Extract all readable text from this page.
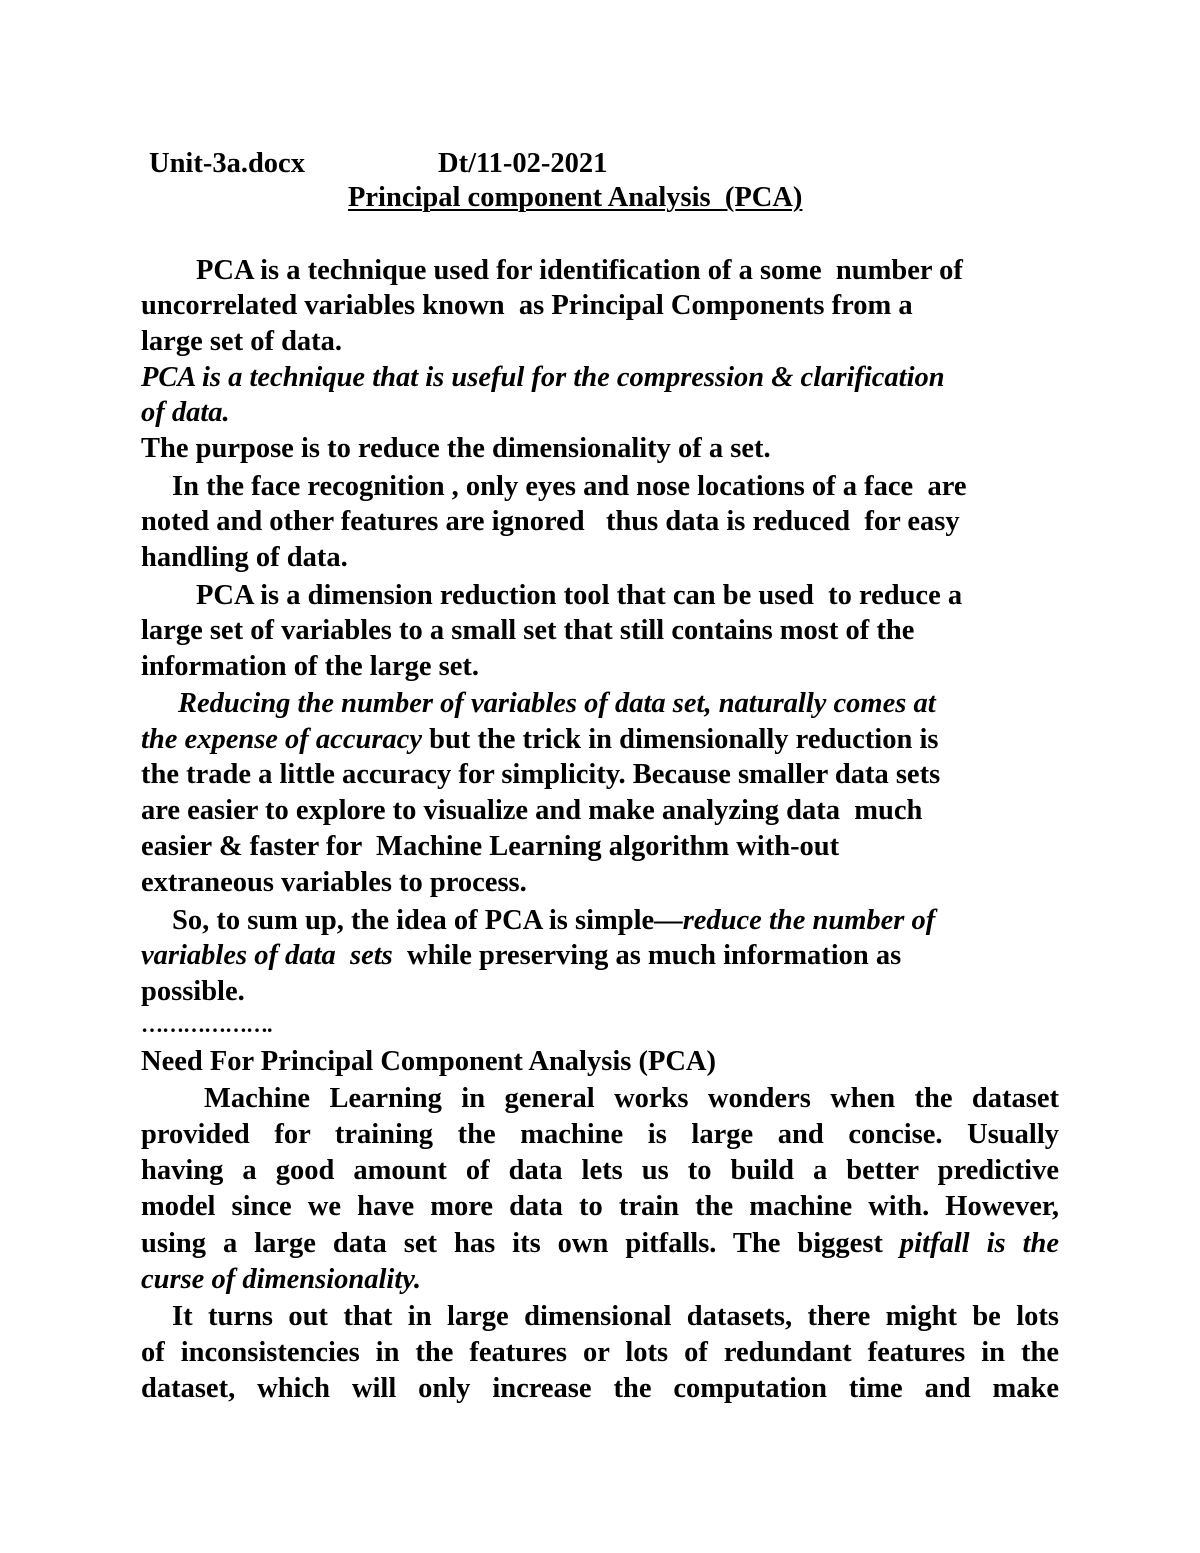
Unit-3a.docx	Dt/11-02-2021

Principal component Analysis  (PCA)

PCA is a technique used for identification of a some  number of

uncorrelated variables known  as Principal Components from a

large set of data.

PCA is a technique that is useful for the compression & clarification

of data.

The purpose is to reduce the dimensionality of a set.

In the face recognition , only eyes and nose locations of a face  are

noted and other features are ignored   thus data is reduced  for easy

handling of data.

PCA is a dimension reduction tool that can be used  to reduce a

large set of variables to a small set that still contains most of the

information of the large set.

Reducing the number of variables of data set, naturally comes at

the expense of accuracy but the trick in dimensionally reduction is

the trade a little accuracy for simplicity. Because smaller data sets

are easier to explore to visualize and make analyzing data  much

easier & faster for  Machine Learning algorithm with-out

extraneous variables to process.

So, to sum up, the idea of PCA is simple—reduce the number of

variables of data  sets  while preserving as much information as

possible.

……………….

Need For Principal Component Analysis (PCA)

Machine Learning in general works wonders when the dataset

provided for training the machine is large and concise. Usually

having a good amount of data lets us to build a better predictive

model since we have more data to train the machine with. However,

using a large data set has its own pitfalls. The biggest pitfall is the

curse of dimensionality.

It turns out that in large dimensional datasets, there might be lots

of inconsistencies in the features or lots of redundant features in the

dataset, which will only increase the computation time and make
